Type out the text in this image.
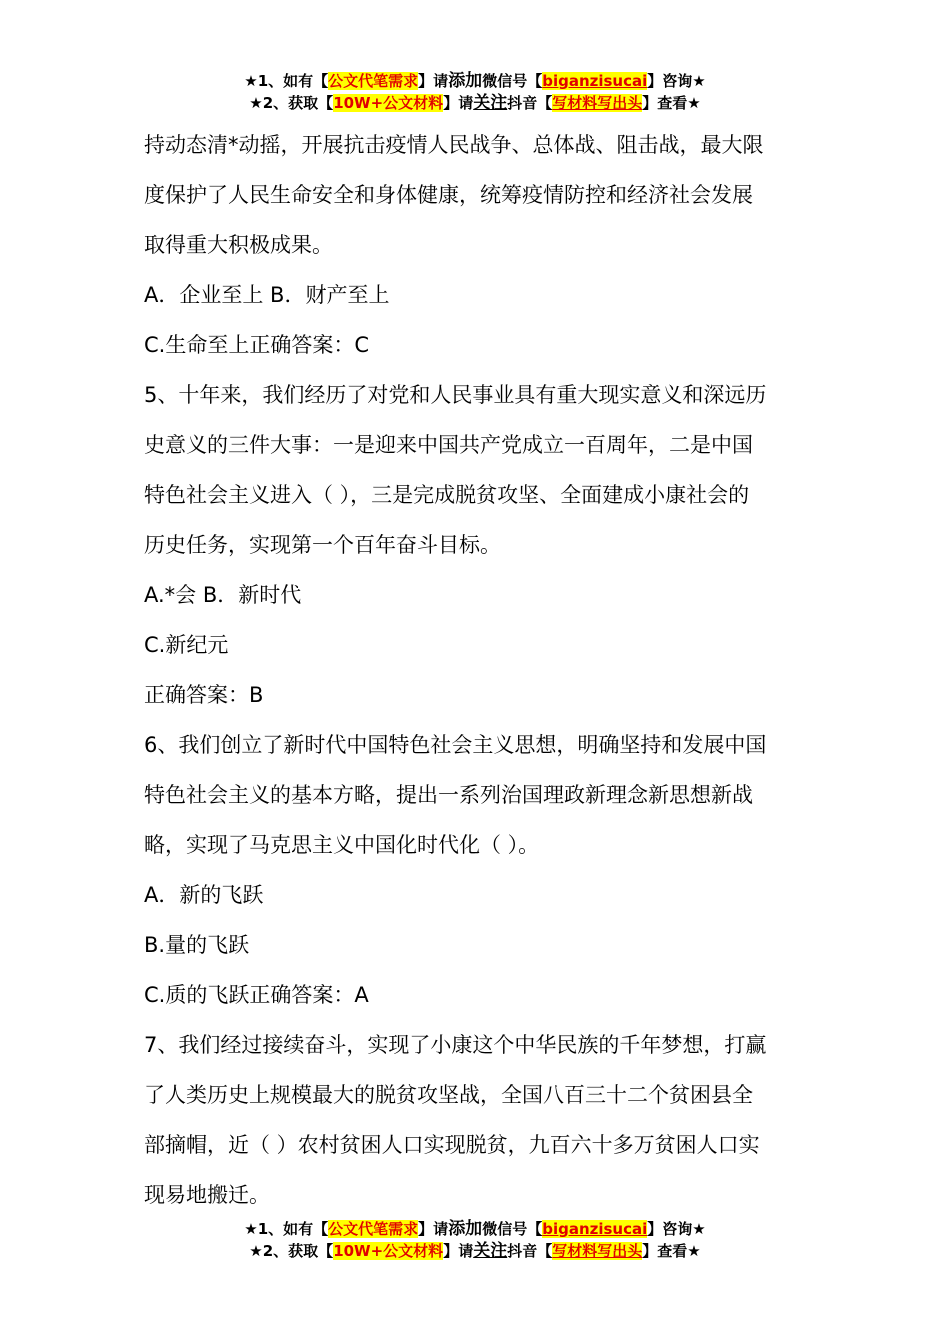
★1、如有【公文代笔需求】请添加微信号【biganzisucai】咨询★
★2、获取【10W+公文材料】请关注抖音【写材料写出头】查看★
持动态清*动摇，开展抗击疫情人民战争、总体战、阻击战，最大限
度保护了人民生命安全和身体健康，统筹疫情防控和经济社会发展
取得重大积极成果。
A．企业至上 B．财产至上
C.生命至上正确答案：C
5、十年来，我们经历了对党和人民事业具有重大现实意义和深远历
史意义的三件大事：一是迎来中国共产党成立一百周年，二是中国
特色社会主义进入（ ），三是完成脱贫攻坚、全面建成小康社会的
历史任务，实现第一个百年奋斗目标。
A.*会 B．新时代
C.新纪元
正确答案：B
6、我们创立了新时代中国特色社会主义思想，明确坚持和发展中国
特色社会主义的基本方略，提出一系列治国理政新理念新思想新战
略，实现了马克思主义中国化时代化（ ）。
A．新的飞跃
B.量的飞跃
C.质的飞跃正确答案：A
7、我们经过接续奋斗，实现了小康这个中华民族的千年梦想，打赢
了人类历史上规模最大的脱贫攻坚战，全国八百三十二个贫困县全
部摘帽，近（ ）农村贫困人口实现脱贫，九百六十多万贫困人口实
现易地搬迁。
★1、如有【公文代笔需求】请添加微信号【biganzisucai】咨询★
★2、获取【10W+公文材料】请关注抖音【写材料写出头】查看★
